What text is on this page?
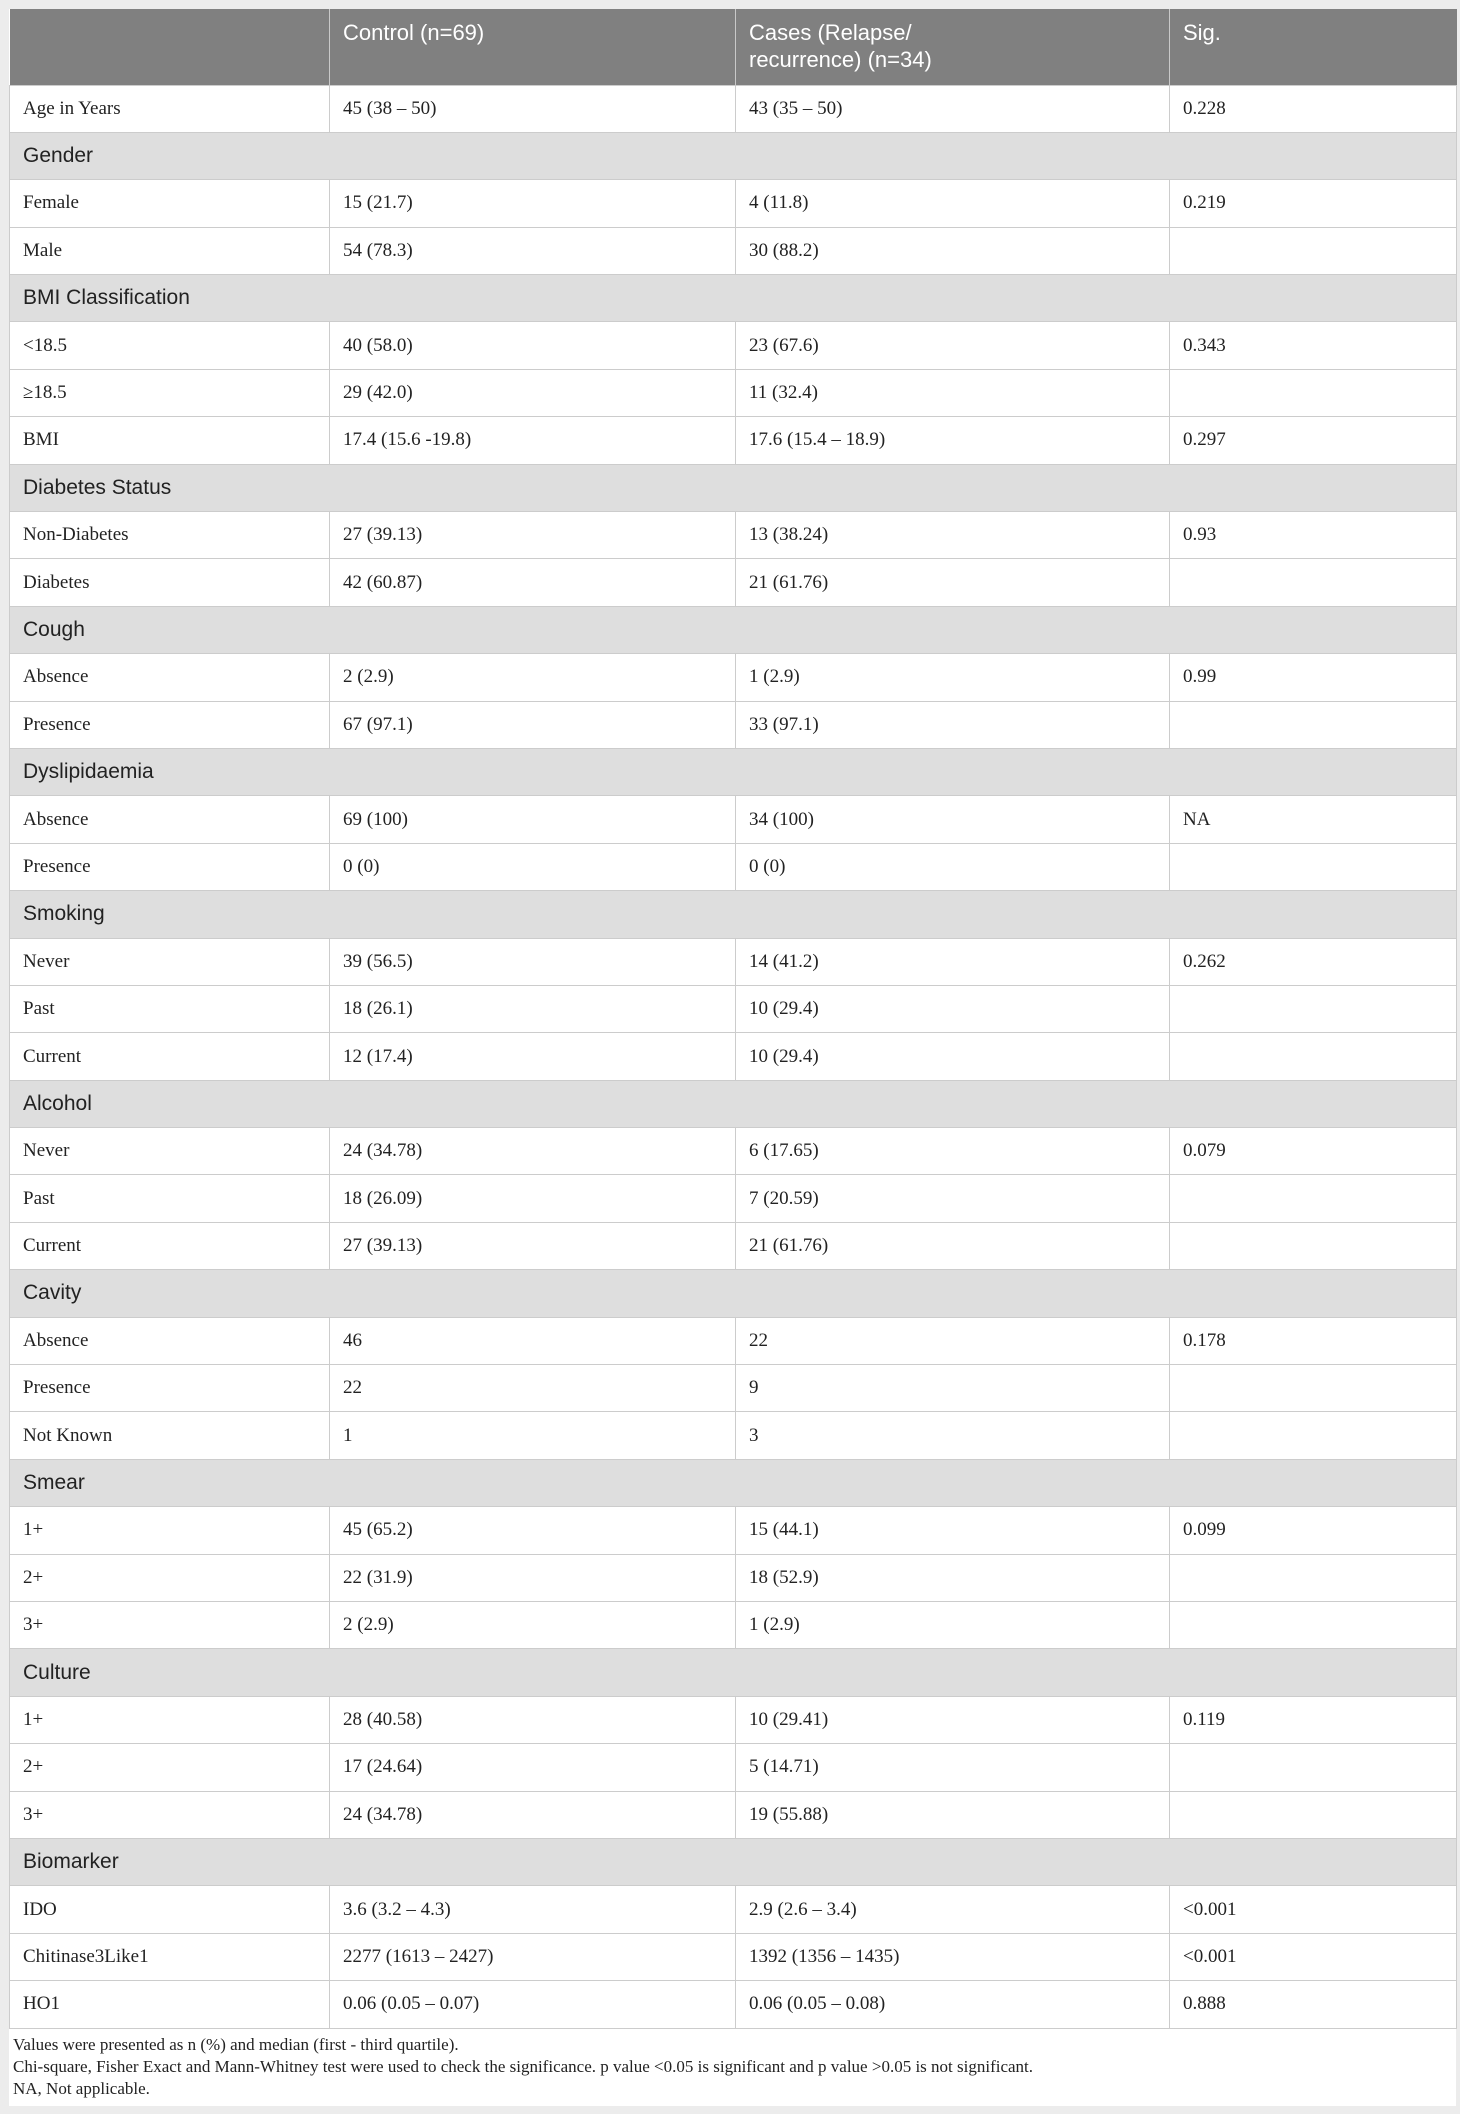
	Control (n=69)	Cases (Relapse/
recurrence) (n=34)	Sig.
Age in Years	45 (38 – 50)	43 (35 – 50)	0.228
Gender			
Female	15 (21.7)	4 (11.8)	0.219
Male	54 (78.3)	30 (88.2)	
BMI Classification			
<18.5	40 (58.0)	23 (67.6)	0.343
≥18.5	29 (42.0)	11 (32.4)	
BMI	17.4 (15.6 -19.8)	17.6 (15.4 – 18.9)	0.297
Diabetes Status			
Non-Diabetes	27 (39.13)	13 (38.24)	0.93
Diabetes	42 (60.87)	21 (61.76)	
Cough			
Absence	2 (2.9)	1 (2.9)	0.99
Presence	67 (97.1)	33 (97.1)	
Dyslipidaemia			
Absence	69 (100)	34 (100)	NA
Presence	0 (0)	0 (0)	
Smoking			
Never	39 (56.5)	14 (41.2)	0.262
Past	18 (26.1)	10 (29.4)	
Current	12 (17.4)	10 (29.4)	
Alcohol			
Never	24 (34.78)	6 (17.65)	0.079
Past	18 (26.09)	7 (20.59)	
Current	27 (39.13)	21 (61.76)	
Cavity			
Absence	46	22	0.178
Presence	22	9	
Not Known	1	3	
Smear			
1+	45 (65.2)	15 (44.1)	0.099
2+	22 (31.9)	18 (52.9)	
3+	2 (2.9)	1 (2.9)	
Culture			
1+	28 (40.58)	10 (29.41)	0.119
2+	17 (24.64)	5 (14.71)	
3+	24 (34.78)	19 (55.88)	
Biomarker			
IDO	3.6 (3.2 – 4.3)	2.9 (2.6 – 3.4)	<0.001
Chitinase3Like1	2277 (1613 – 2427)	1392 (1356 – 1435)	<0.001
HO1	0.06 (0.05 – 0.07)	0.06 (0.05 – 0.08)	0.888

Values were presented as n (%) and median (first - third quartile).

Chi-square, Fisher Exact and Mann-Whitney test were used to check the significance. p value <0.05 is significant and p value >0.05 is not significant.

NA, Not applicable.
